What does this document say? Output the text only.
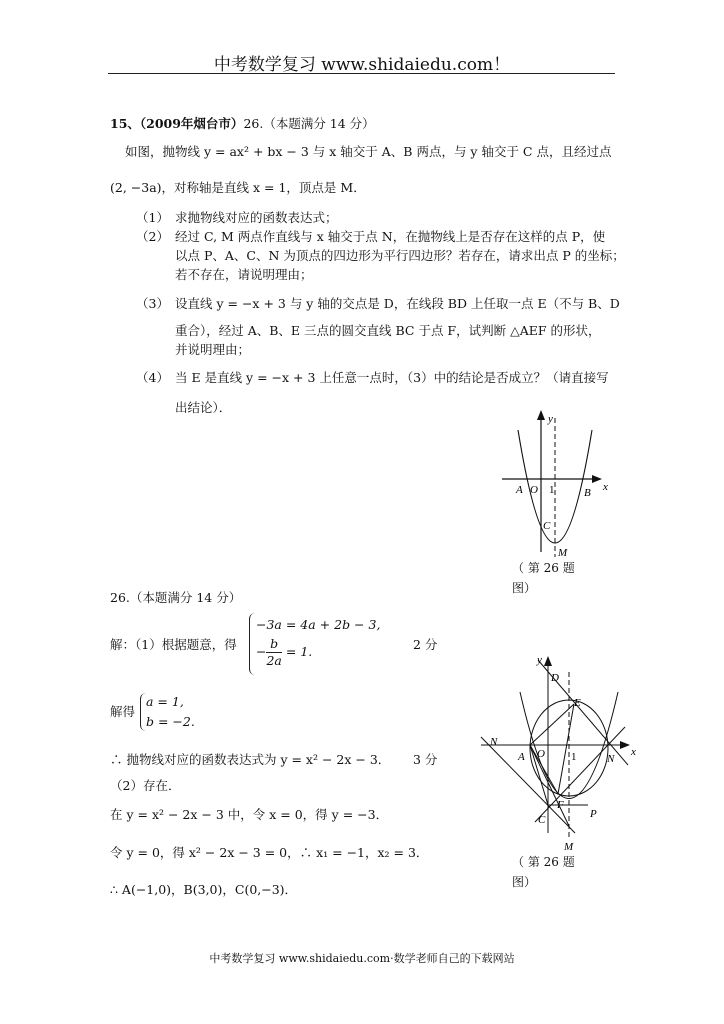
中考数学复习 www.shidaiedu.com！
15、（2009年烟台市）26.（本题满分 14 分）
如图，抛物线 y = ax² + bx − 3 与 x 轴交于 A、B 两点，与 y 轴交于 C 点，且经过点
(2, −3a)，对称轴是直线 x = 1，顶点是 M．
（1） 求抛物线对应的函数表达式；
（2） 经过 C, M 两点作直线与 x 轴交于点 N，在抛物线上是否存在这样的点 P，使
以点 P、A、C、N 为顶点的四边形为平行四边形？若存在，请求出点 P 的坐标；
若不存在，请说明理由；
（3） 设直线 y = −x + 3 与 y 轴的交点是 D，在线段 BD 上任取一点 E（不与 B、D
重合），经过 A、B、E 三点的圆交直线 BC 于点 F，试判断 △AEF 的形状，
并说明理由；
（4） 当 E 是直线 y = −x + 3 上任意一点时，（3）中的结论是否成立？（请直接写
出结论）．
y
x
A O 1	B
C
M
（ 第 26 题
图）
26.（本题满分 14 分）
解：（1）根据题意，得
−3a = 4a + 2b − 3,
− $\frac{b}{2a} = 1$.	2 分
解得
a = 1,
b = −2.
∴ 抛物线对应的函数表达式为 y = x² − 2x − 3． 3 分
（2）存在．
在 y = x² − 2x − 3 中，令 x = 0，得 y = −3．
令 y = 0，得 x² − 2x − 3 = 0，∴ x₁ = −1，x₂ = 3．
∴ A(−1,0)，B(3,0)，C(0,−3)．
y
x
D
E
N
A O 1	N
F
C	P
M
（ 第 26 题
图）
中考数学复习 www.shidaiedu.com·数学老师自己的下载网站
